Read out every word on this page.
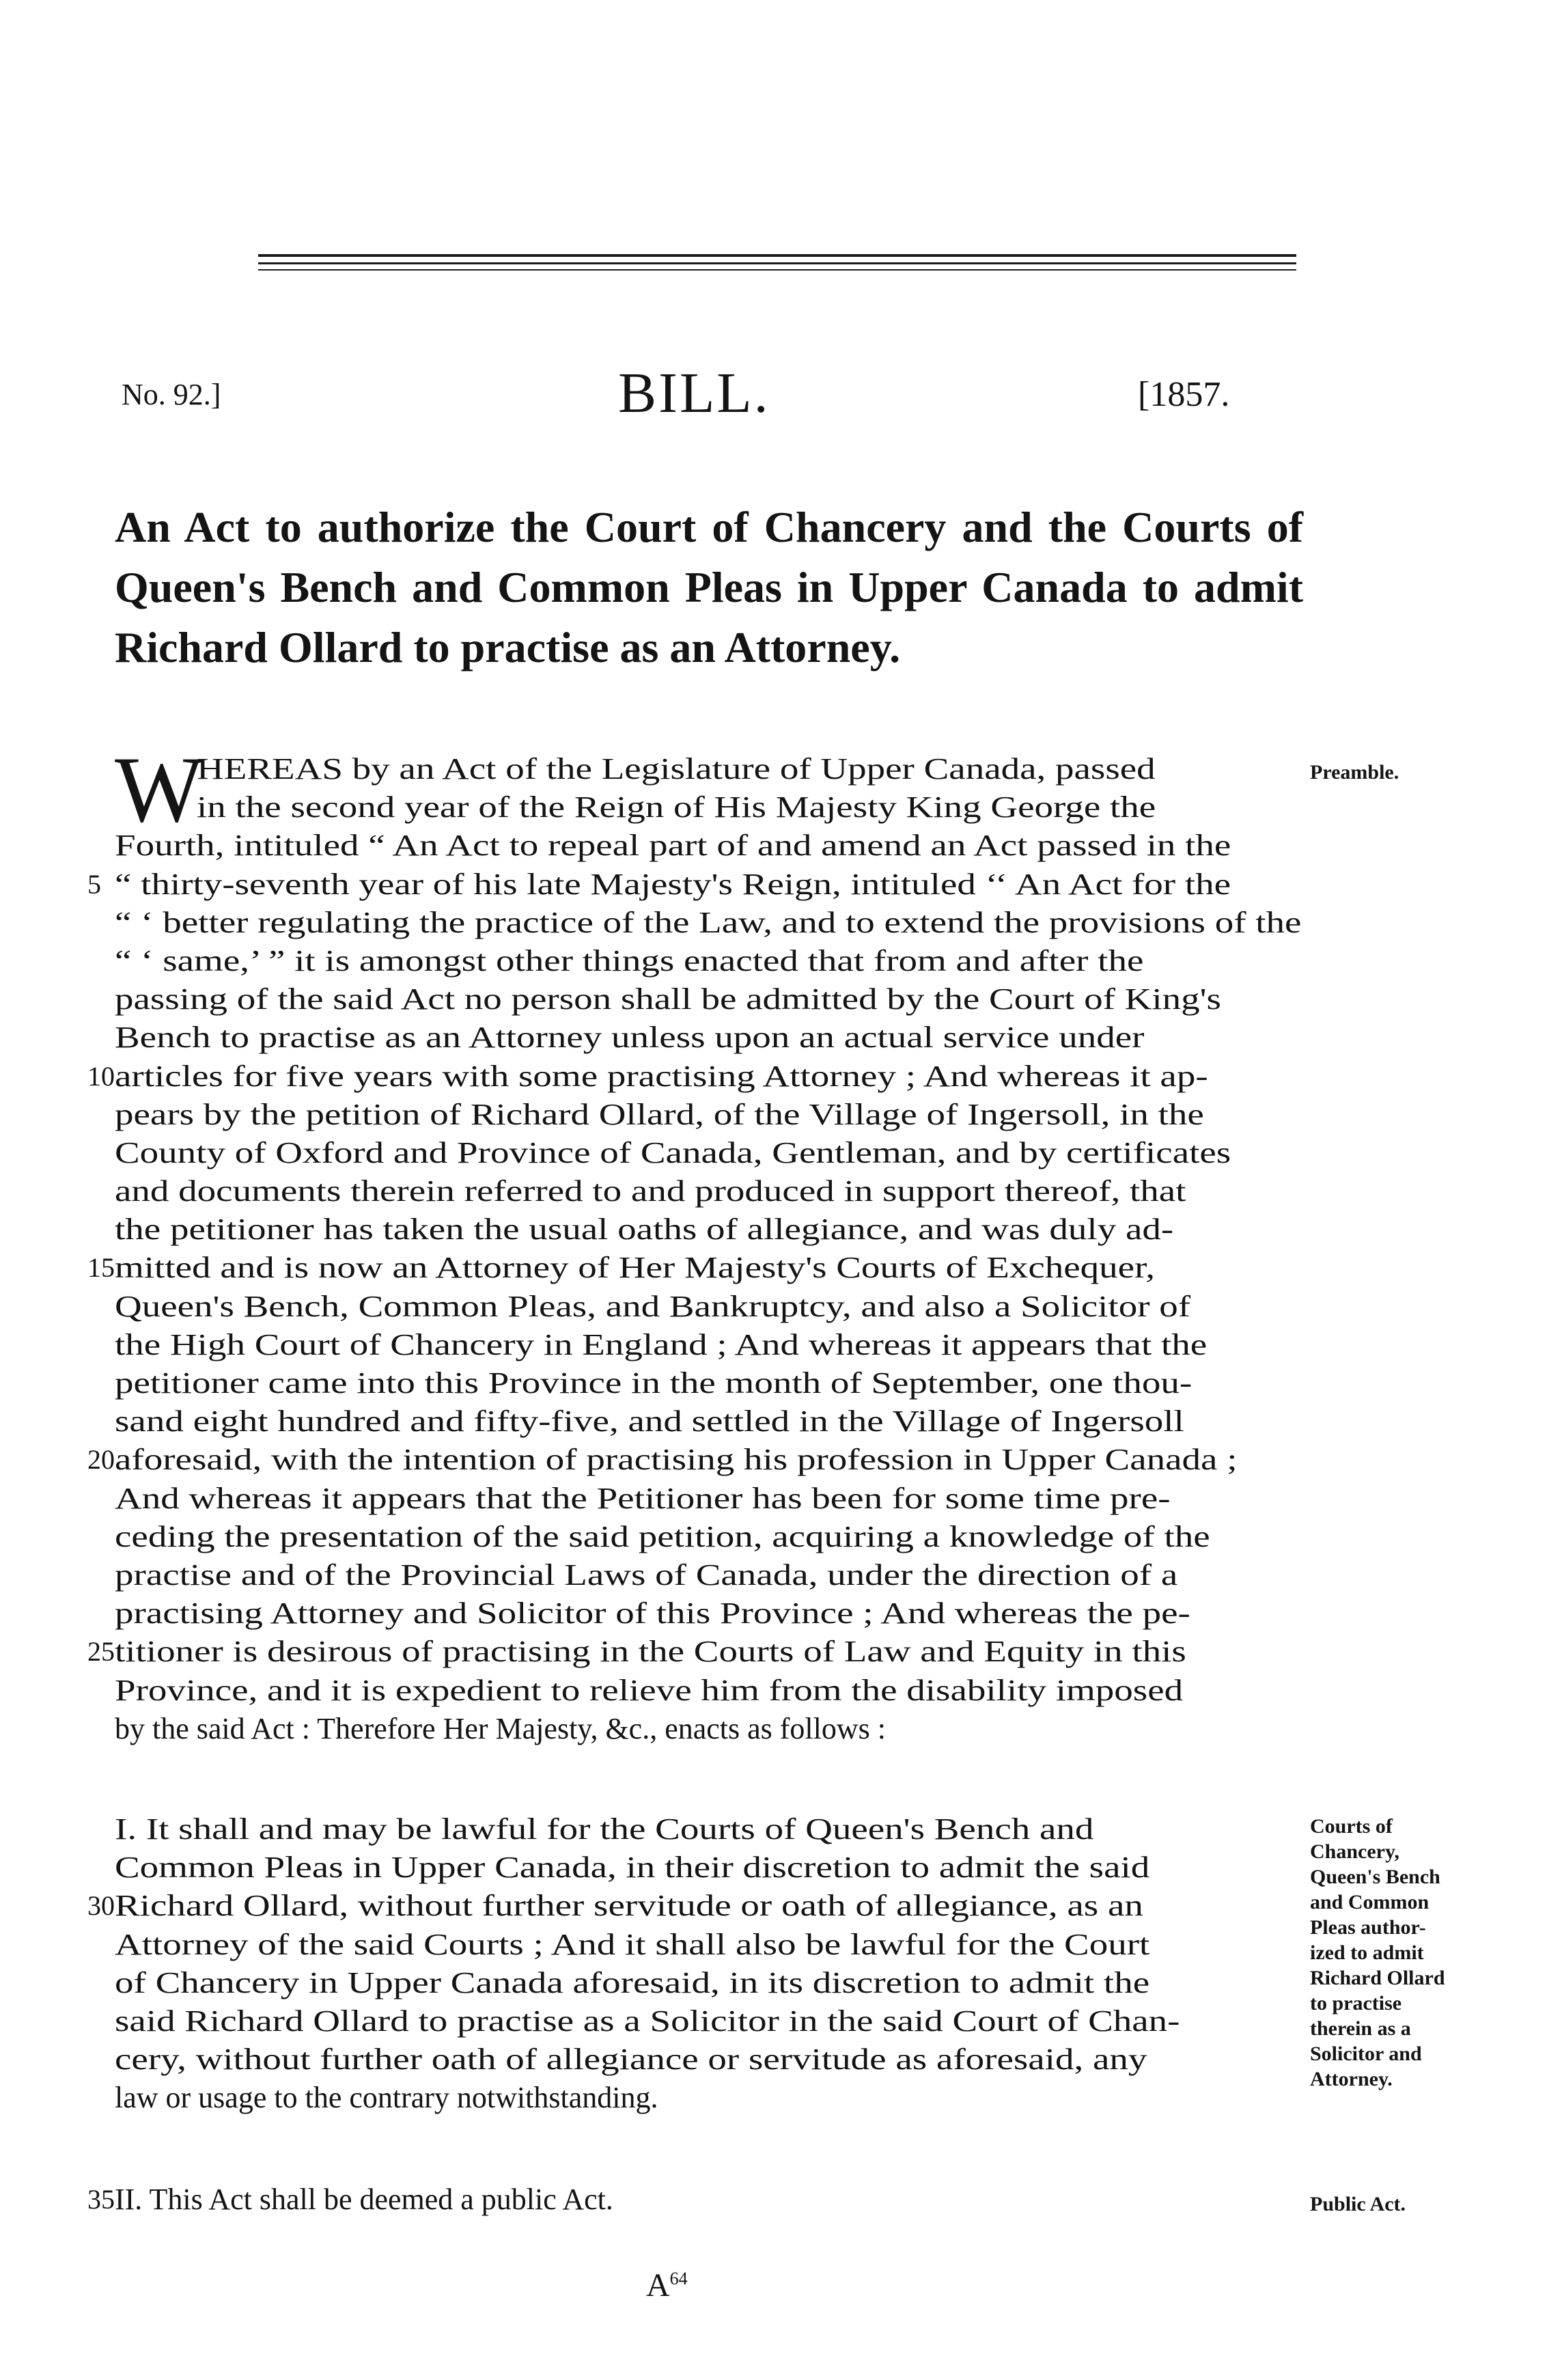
No. 92.]	BILL.	[1857.
An Act to authorize the Court of Chancery and the Courts of Queen's Bench and Common Pleas in Upper Canada to admit Richard Ollard to practise as an Attorney.
W
HEREAS by an Act of the Legislature of Upper Canada, passed
in the second year of the Reign of His Majesty King George the
Fourth, intituled “ An Act to repeal part of and amend an Act passed in the
“ thirty-seventh year of his late Majesty's Reign, intituled ‘‘ An Act for the
5
“ ‘ better regulating the practice of the Law, and to extend the provisions of the
“ ‘ same,’ ” it is amongst other things enacted that from and after the
passing of the said Act no person shall be admitted by the Court of King's
Bench to practise as an Attorney unless upon an actual service under
articles for five years with some practising Attorney ; And whereas it ap-
10
pears by the petition of Richard Ollard, of the Village of Ingersoll, in the
County of Oxford and Province of Canada, Gentleman, and by certificates
and documents therein referred to and produced in support thereof, that
the petitioner has taken the usual oaths of allegiance, and was duly ad-
mitted and is now an Attorney of Her Majesty's Courts of Exchequer,
15
Queen's Bench, Common Pleas, and Bankruptcy, and also a Solicitor of
the High Court of Chancery in England ; And whereas it appears that the
petitioner came into this Province in the month of September, one thou-
sand eight hundred and fifty-five, and settled in the Village of Ingersoll
aforesaid, with the intention of practising his profession in Upper Canada ;
20
And whereas it appears that the Petitioner has been for some time pre-
ceding the presentation of the said petition, acquiring a knowledge of the
practise and of the Provincial Laws of Canada, under the direction of a
practising Attorney and Solicitor of this Province ; And whereas the pe-
titioner is desirous of practising in the Courts of Law and Equity in this
25
Province, and it is expedient to relieve him from the disability imposed
by the said Act : Therefore Her Majesty, &c., enacts as follows :
Preamble.
I. It shall and may be lawful for the Courts of Queen's Bench and
Common Pleas in Upper Canada, in their discretion to admit the said
Richard Ollard, without further servitude or oath of allegiance, as an
30
Attorney of the said Courts ; And it shall also be lawful for the Court
of Chancery in Upper Canada aforesaid, in its discretion to admit the
said Richard Ollard to practise as a Solicitor in the said Court of Chan-
cery, without further oath of allegiance or servitude as aforesaid, any
law or usage to the contrary notwithstanding.
Courts of
Chancery,
Queen's Bench
and Common
Pleas author-
ized to admit
Richard Ollard
to practise
therein as a
Solicitor and
Attorney.
II. This Act shall be deemed a public Act.
35	Public Act.
$A^{64}$
